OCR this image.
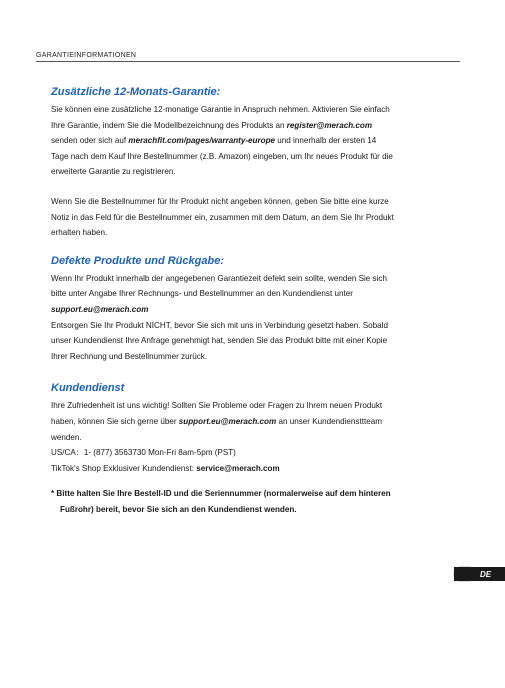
GARANTIEINFORMATIONEN
Zusätzliche 12-Monats-Garantie:

Sie können eine zusätzliche 12-monatige Garantie in Anspruch nehmen. Aktivieren Sie einfach
Ihre Garantie, indem Sie die Modellbezeichnung des Produkts an register@merach.com
senden oder sich auf merachfit.com/pages/warranty-europe und innerhalb der ersten 14
Tage nach dem Kauf Ihre Bestellnummer (z.B. Amazon) eingeben, um Ihr neues Produkt für die
erweiterte Garantie zu registrieren.

Wenn Sie die Bestellnummer für Ihr Produkt nicht angeben können, geben Sie bitte eine kurze
Notiz in das Feld für die Bestellnummer ein, zusammen mit dem Datum, an dem Sie Ihr Produkt
erhalten haben.

Defekte Produkte und Rückgabe:

Wenn Ihr Produkt innerhalb der angegebenen Garantiezeit defekt sein sollte, wenden Sie sich
bitte unter Angabe Ihrer Rechnungs- und Bestellnummer an den Kundendienst unter
support.eu@merach.com
Entsorgen Sie Ihr Produkt NICHT, bevor Sie sich mit uns in Verbindung gesetzt haben. Sobald
unser Kundendienst Ihre Anfrage genehmigt hat, senden Sie das Produkt bitte mit einer Kopie
Ihrer Rechnung und Bestellnummer zurück.

Kundendienst

Ihre Zufriedenheit ist uns wichtig! Sollten Sie Probleme oder Fragen zu Ihrem neuen Produkt
haben, können Sie sich gerne über support.eu@merach.com an unser Kundendiensttteam
wenden.
US/CA：1- (877) 3563730 Mon-Fri 8am-5pm (PST)
TikTok's Shop Exklusiver Kundendienst: service@merach.com

* Bitte halten Sie Ihre Bestell-ID und die Seriennummer (normalerweise auf dem hinteren
Fußrohr) bereit, bevor Sie sich an den Kundendienst wenden.
DE
